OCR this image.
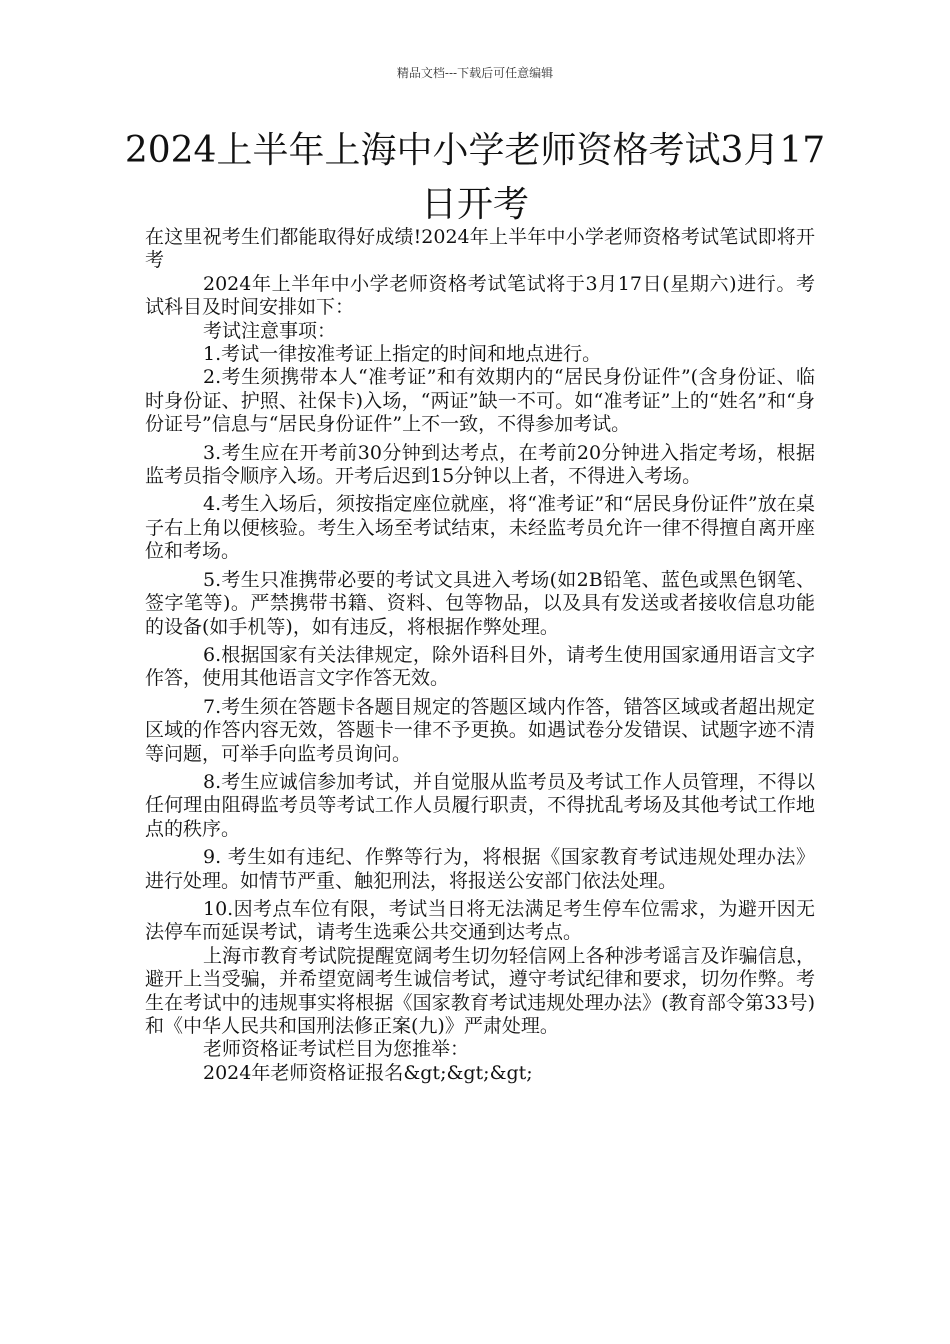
精品文档---下载后可任意编辑
2024上半年上海中小学老师资格考试3月17日开考

在这里祝考生们都能取得好成绩!2024年上半年中小学老师资格考试笔试即将开考

2024年上半年中小学老师资格考试笔试将于3月17日(星期六)进行。考试科目及时间安排如下：

考试注意事项：

1.考试一律按准考证上指定的时间和地点进行。

2.考生须携带本人“准考证”和有效期内的“居民身份证件”(含身份证、临时身份证、护照、社保卡)入场，“两证”缺一不可。如“准考证”上的“姓名”和“身份证号”信息与“居民身份证件”上不一致，不得参加考试。

3.考生应在开考前30分钟到达考点，在考前20分钟进入指定考场，根据监考员指令顺序入场。开考后迟到15分钟以上者，不得进入考场。

4.考生入场后，须按指定座位就座，将“准考证”和“居民身份证件”放在桌子右上角以便核验。考生入场至考试结束，未经监考员允许一律不得擅自离开座位和考场。

5.考生只准携带必要的考试文具进入考场(如2B铅笔、蓝色或黑色钢笔、签字笔等)。严禁携带书籍、资料、包等物品，以及具有发送或者接收信息功能的设备(如手机等)，如有违反，将根据作弊处理。

6.根据国家有关法律规定，除外语科目外，请考生使用国家通用语言文字作答，使用其他语言文字作答无效。

7.考生须在答题卡各题目规定的答题区域内作答，错答区域或者超出规定区域的作答内容无效，答题卡一律不予更换。如遇试卷分发错误、试题字迹不清等问题，可举手向监考员询问。

8.考生应诚信参加考试，并自觉服从监考员及考试工作人员管理，不得以任何理由阻碍监考员等考试工作人员履行职责，不得扰乱考场及其他考试工作地点的秩序。

9. 考生如有违纪、作弊等行为，将根据《国家教育考试违规处理办法》进行处理。如情节严重、触犯刑法，将报送公安部门依法处理。

10.因考点车位有限，考试当日将无法满足考生停车位需求，为避开因无法停车而延误考试，请考生选乘公共交通到达考点。

上海市教育考试院提醒宽阔考生切勿轻信网上各种涉考谣言及诈骗信息，避开上当受骗，并希望宽阔考生诚信考试，遵守考试纪律和要求，切勿作弊。考生在考试中的违规事实将根据《国家教育考试违规处理办法》(教育部令第33号)和《中华人民共和国刑法修正案(九)》严肃处理。

老师资格证考试栏目为您推举：

2024年老师资格证报名&gt;&gt;&gt;
